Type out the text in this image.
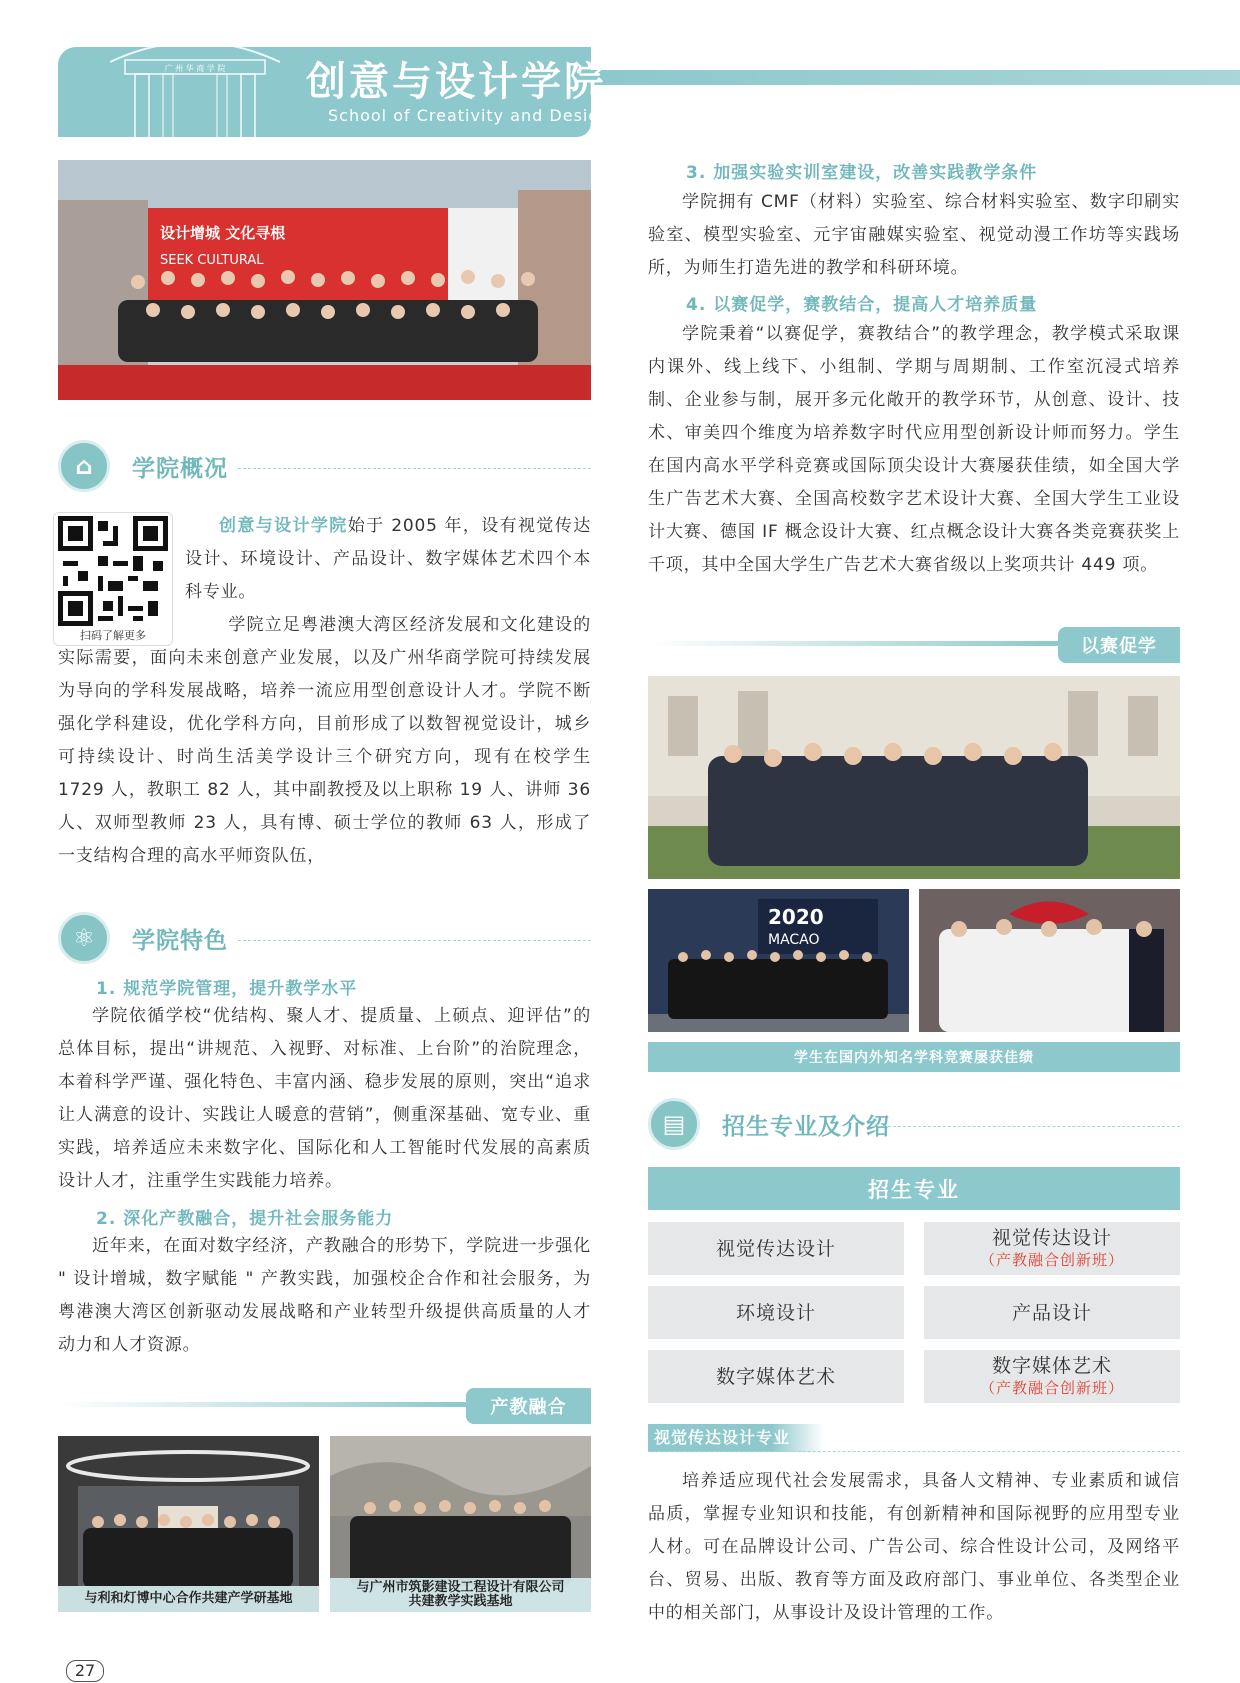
广 州 华 商 学 院 创意与设计学院
School of Creativity and Design
设计增城 文化寻根
SEEK CULTURAL
⌂	学院概况
扫码了解更多

创意与设计学院始于 2005 年，设有视觉传达设计、环境设计、产品设计、数字媒体艺术四个本科专业。

学院立足粤港澳大湾区经济发展和文化建设的实际需要，面向未来创意产业发展，以及广州华商学院可持续发展为导向的学科发展战略，培养一流应用型创意设计人才。学院不断强化学科建设，优化学科方向，目前形成了以数智视觉设计，城乡可持续设计、时尚生活美学设计三个研究方向，现有在校学生 1729 人，教职工 82 人，其中副教授及以上职称 19 人、讲师 36 人、双师型教师 23 人，具有博、硕士学位的教师 63 人，形成了一支结构合理的高水平师资队伍，

⚛	学院特色
1. 规范学院管理，提升教学水平
学院依循学校“优结构、聚人才、提质量、上硕点、迎评估”的总体目标，提出“讲规范、入视野、对标准、上台阶”的治院理念，本着科学严谨、强化特色、丰富内涵、稳步发展的原则，突出“追求让人满意的设计、实践让人暖意的营销”，侧重深基础、宽专业、重实践，培养适应未来数字化、国际化和人工智能时代发展的高素质设计人才，注重学生实践能力培养。
2. 深化产教融合，提升社会服务能力
近年来，在面对数字经济，产教融合的形势下，学院进一步强化 " 设计增城，数字赋能 " 产教实践，加强校企合作和社会服务，为粤港澳大湾区创新驱动发展战略和产业转型升级提供高质量的人才动力和人才资源。
产教融合
与利和灯博中心合作共建产学研基地
与广州市筑影建设工程设计有限公司
共建教学实践基地
27
3. 加强实验实训室建设，改善实践教学条件
学院拥有 CMF（材料）实验室、综合材料实验室、数字印刷实验室、模型实验室、元宇宙融媒实验室、视觉动漫工作坊等实践场所，为师生打造先进的教学和科研环境。
4. 以赛促学，赛教结合，提高人才培养质量
学院秉着“以赛促学，赛教结合”的教学理念，教学模式采取课内课外、线上线下、小组制、学期与周期制、工作室沉浸式培养制、企业参与制，展开多元化敞开的教学环节，从创意、设计、技术、审美四个维度为培养数字时代应用型创新设计师而努力。学生在国内高水平学科竞赛或国际顶尖设计大赛屡获佳绩，如全国大学生广告艺术大赛、全国高校数字艺术设计大赛、全国大学生工业设计大赛、德国 IF 概念设计大赛、红点概念设计大赛各类竞赛获奖上千项，其中全国大学生广告艺术大赛省级以上奖项共计 449 项。
以赛促学
2020
MACAO
学生在国内外知名学科竞赛屡获佳绩
▤	招生专业及介绍
招生专业
视觉传达设计	视觉传达设计
（产教融合创新班）
环境设计	产品设计
数字媒体艺术	数字媒体艺术
（产教融合创新班）
视觉传达设计专业
培养适应现代社会发展需求，具备人文精神、专业素质和诚信品质，掌握专业知识和技能，有创新精神和国际视野的应用型专业人材。可在品牌设计公司、广告公司、综合性设计公司，及网络平台、贸易、出版、教育等方面及政府部门、事业单位、各类型企业中的相关部门，从事设计及设计管理的工作。
